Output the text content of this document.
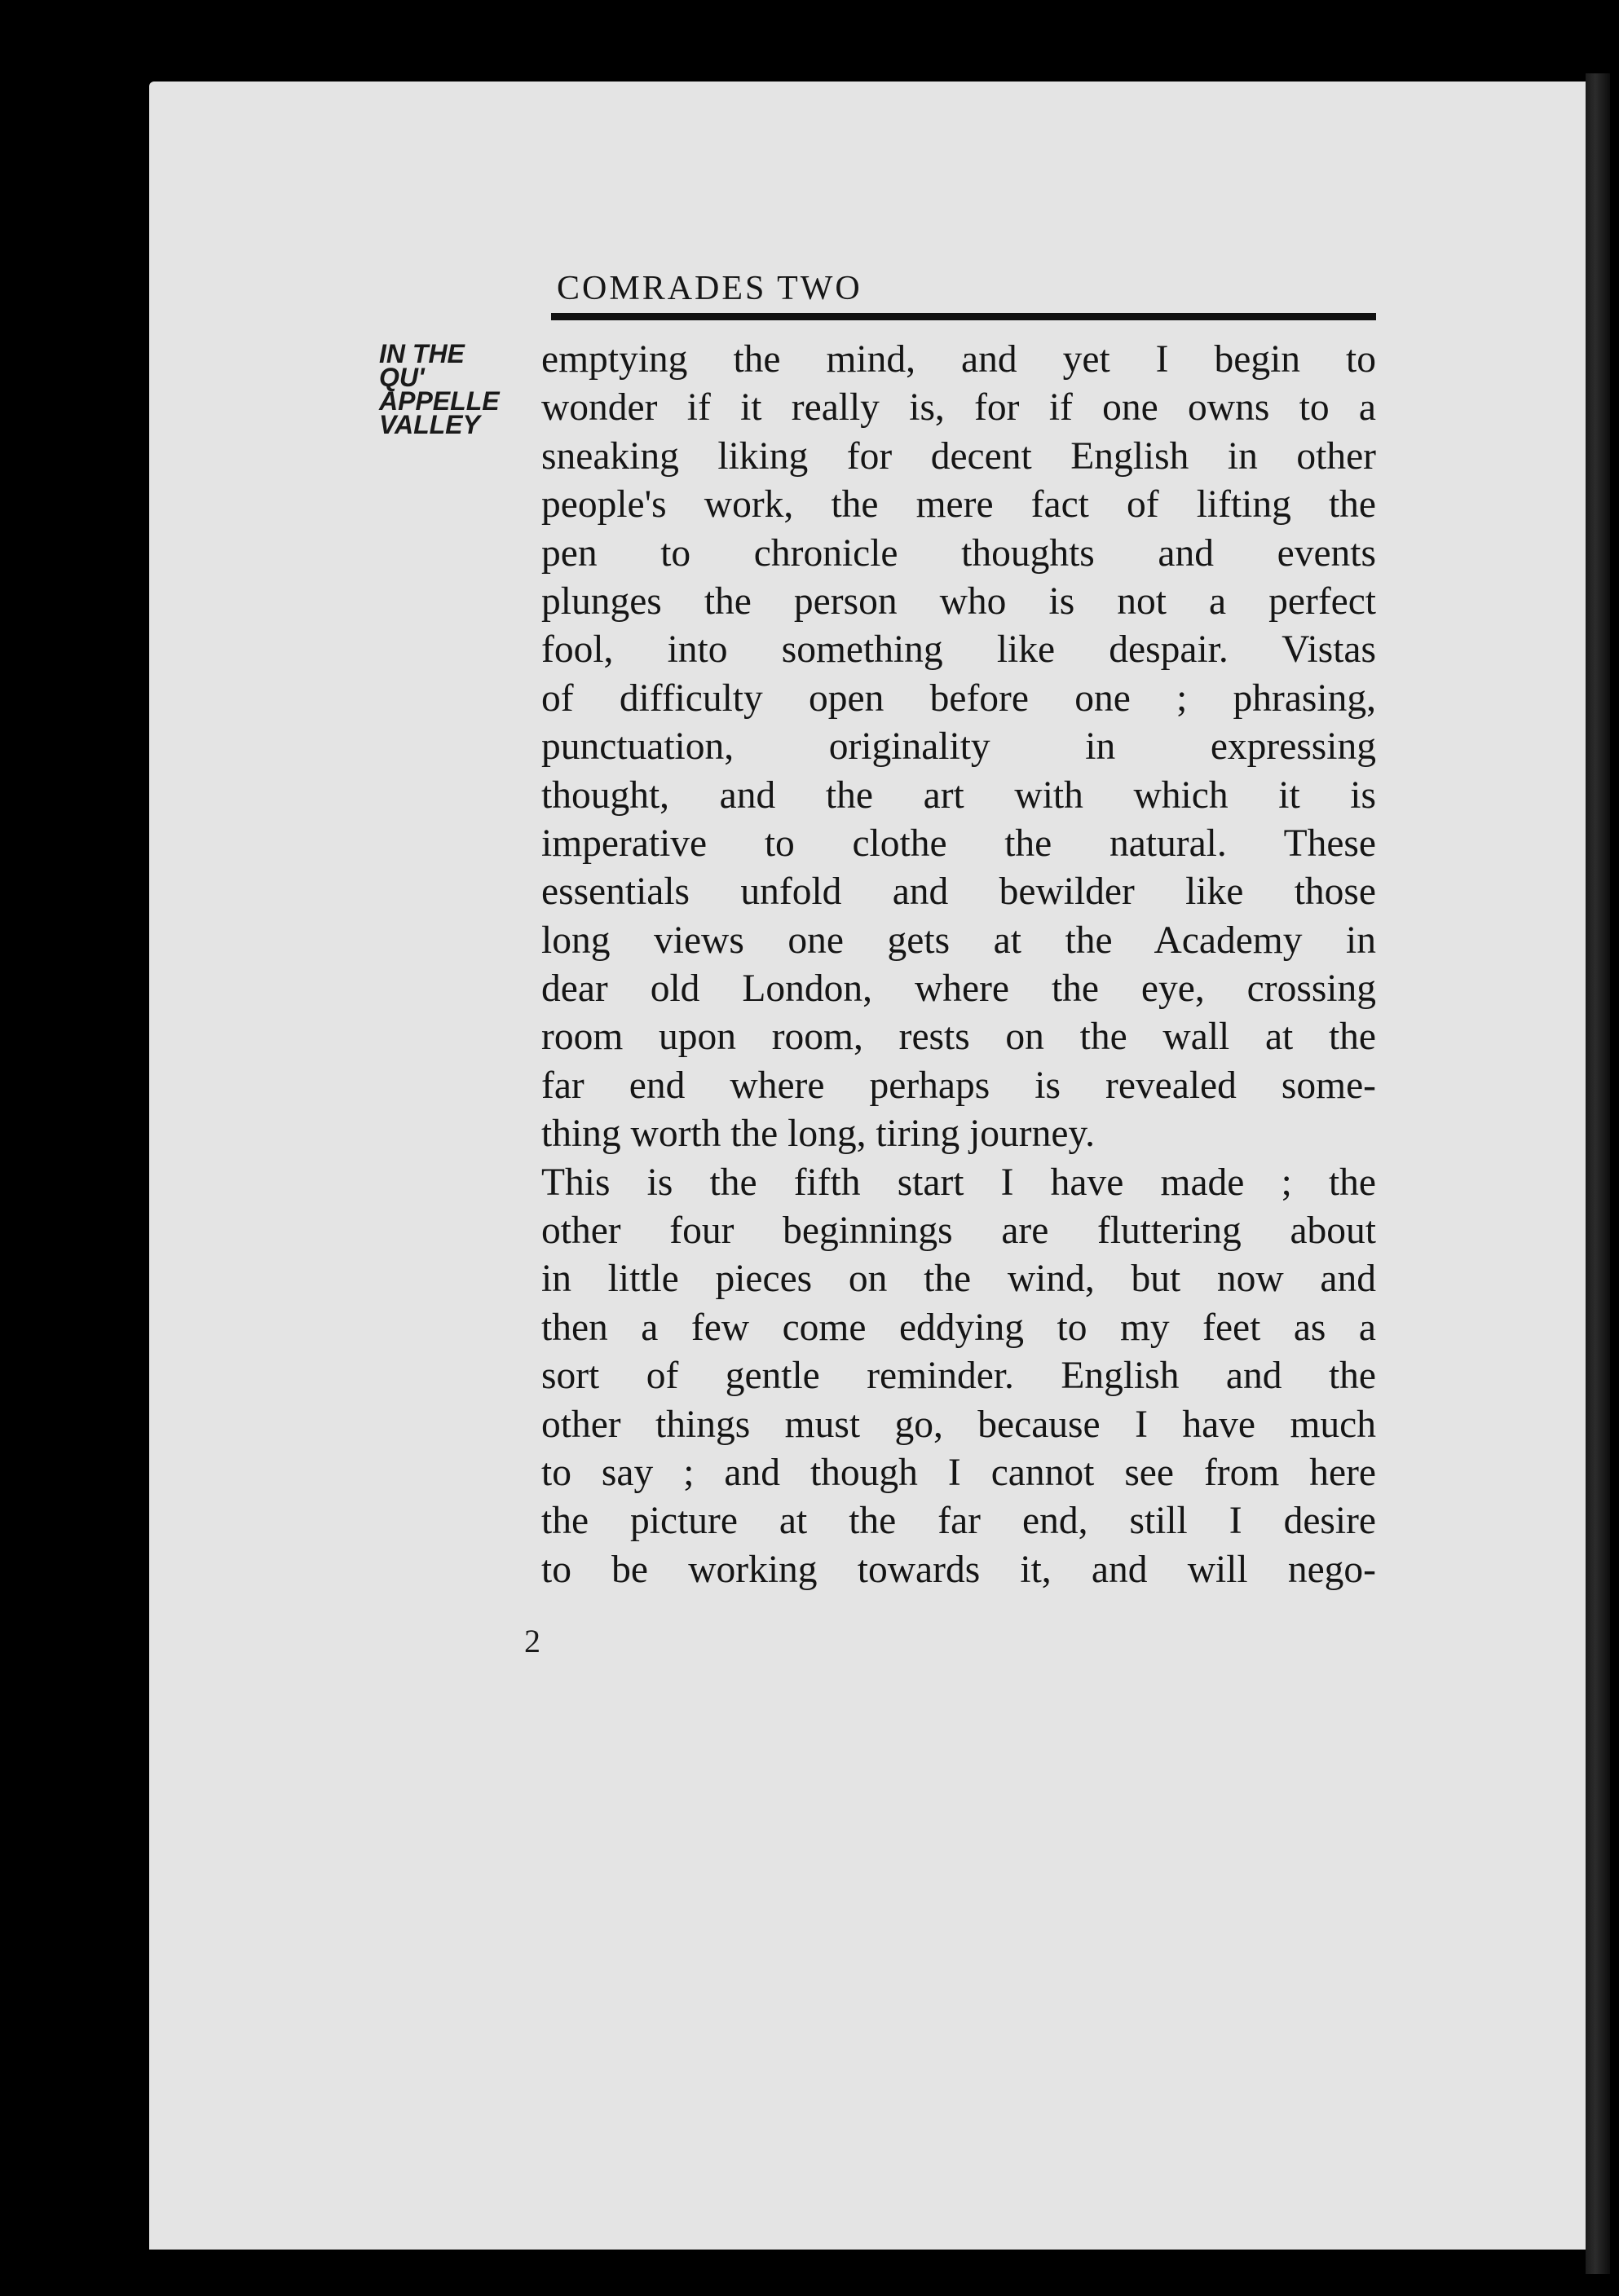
COMRADES TWO
IN THE
QU'
APPELLE
VALLEY
emptying the mind, and yet I begin to
wonder if it really is, for if one owns to a
sneaking liking for decent English in other
people's work, the mere fact of lifting the
pen to chronicle thoughts and events
plunges the person who is not a perfect
fool, into something like despair. Vistas
of difficulty open before one ; phrasing,
punctuation, originality in expressing
thought, and the art with which it is
imperative to clothe the natural. These
essentials unfold and bewilder like those
long views one gets at the Academy in
dear old London, where the eye, crossing
room upon room, rests on the wall at the
far end where perhaps is revealed some-
thing worth the long, tiring journey.
This is the fifth start I have made ; the
other four beginnings are fluttering about
in little pieces on the wind, but now and
then a few come eddying to my feet as a
sort of gentle reminder. English and the
other things must go, because I have much
to say ; and though I cannot see from here
the picture at the far end, still I desire
to be working towards it, and will nego-
2
